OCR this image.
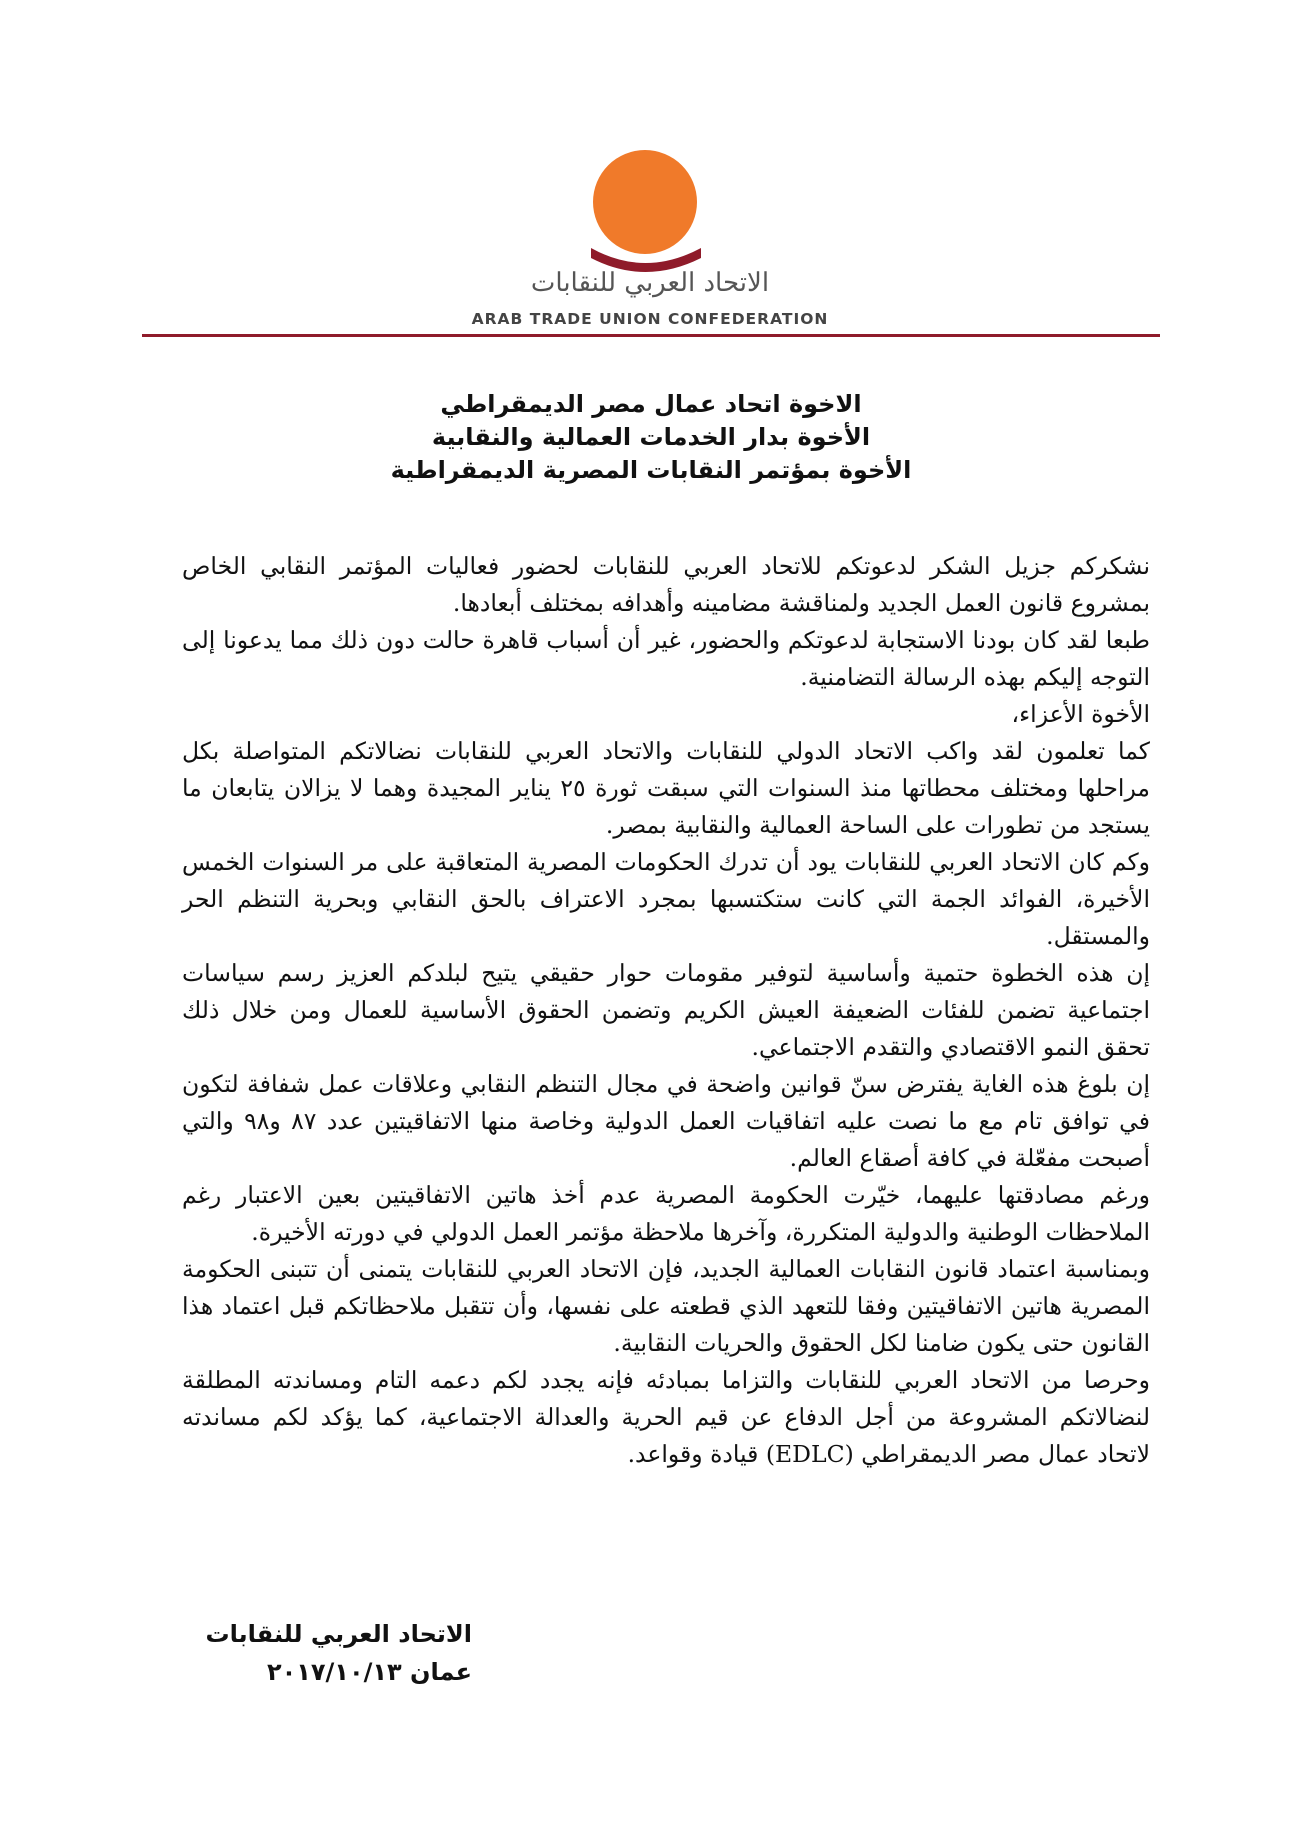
الاتحاد العربي للنقابات
ARAB TRADE UNION CONFEDERATION
الاخوة اتحاد عمال مصر الديمقراطي
الأخوة بدار الخدمات العمالية والنقابية
الأخوة بمؤتمر النقابات المصرية الديمقراطية

نشكركم جزيل الشكر لدعوتكم للاتحاد العربي للنقابات لحضور فعاليات المؤتمر النقابي الخاص بمشروع قانون العمل الجديد ولمناقشة مضامينه وأهدافه بمختلف أبعادها.

طبعا لقد كان بودنا الاستجابة لدعوتكم والحضور، غير أن أسباب قاهرة حالت دون ذلك مما يدعونا إلى التوجه إليكم بهذه الرسالة التضامنية.

الأخوة الأعزاء،

كما تعلمون لقد واكب الاتحاد الدولي للنقابات والاتحاد العربي للنقابات نضالاتكم المتواصلة بكل مراحلها ومختلف محطاتها منذ السنوات التي سبقت ثورة ٢٥ يناير المجيدة وهما لا يزالان يتابعان ما يستجد من تطورات على الساحة العمالية والنقابية بمصر.

وكم كان الاتحاد العربي للنقابات يود أن تدرك الحكومات المصرية المتعاقبة على مر السنوات الخمس الأخيرة، الفوائد الجمة التي كانت ستكتسبها بمجرد الاعتراف بالحق النقابي وبحرية التنظم الحر والمستقل.

إن هذه الخطوة حتمية وأساسية لتوفير مقومات حوار حقيقي يتيح لبلدكم العزيز رسم سياسات اجتماعية تضمن للفئات الضعيفة العيش الكريم وتضمن الحقوق الأساسية للعمال ومن خلال ذلك تحقق النمو الاقتصادي والتقدم الاجتماعي.

إن بلوغ هذه الغاية يفترض سنّ قوانين واضحة في مجال التنظم النقابي وعلاقات عمل شفافة لتكون في توافق تام مع ما نصت عليه اتفاقيات العمل الدولية وخاصة منها الاتفاقيتين عدد ٨٧ و٩٨ والتي أصبحت مفعّلة في كافة أصقاع العالم.

ورغم مصادقتها عليهما، خيّرت الحكومة المصرية عدم أخذ هاتين الاتفاقيتين بعين الاعتبار رغم الملاحظات الوطنية والدولية المتكررة، وآخرها ملاحظة مؤتمر العمل الدولي في دورته الأخيرة.

وبمناسبة اعتماد قانون النقابات العمالية الجديد، فإن الاتحاد العربي للنقابات يتمنى أن تتبنى الحكومة المصرية هاتين الاتفاقيتين وفقا للتعهد الذي قطعته على نفسها، وأن تتقبل ملاحظاتكم قبل اعتماد هذا القانون حتى يكون ضامنا لكل الحقوق والحريات النقابية.

وحرصا من الاتحاد العربي للنقابات والتزاما بمبادئه فإنه يجدد لكم دعمه التام ومساندته المطلقة لنضالاتكم المشروعة من أجل الدفاع عن قيم الحرية والعدالة الاجتماعية، كما يؤكد لكم مساندته لاتحاد عمال مصر الديمقراطي (EDLC) قيادة وقواعد.

الاتحاد العربي للنقابات
عمان ٢٠١٧/١٠/١٣
